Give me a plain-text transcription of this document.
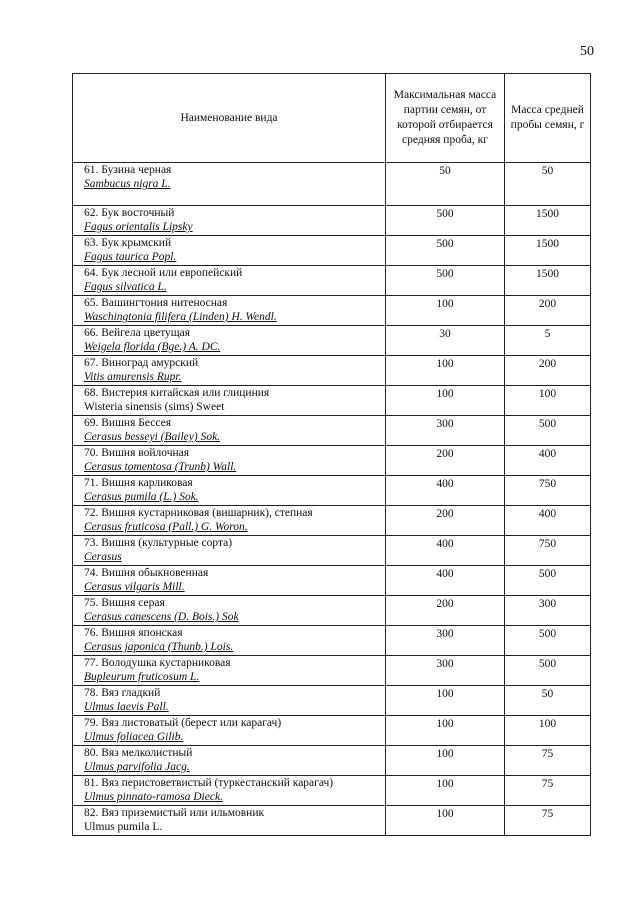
50
Наименование вида	Максимальная масса партии семян, от которой отбирается средняя проба, кг	Масса средней пробы семян, г

61. Бузина черная
Sambucus nigra L.	50	50

62. Бук восточный
Fagus orientalis Lipsky	500	1500

63. Бук крымский
Fagus taurica Popl.	500	1500

64. Бук лесной или европейский
Fagus silvatica L.	500	1500

65. Вашингтония нитеносная
Waschingtonia filifera (Linden) H. Wendl.	100	200

66. Вейгела цветущая
Weigela florida (Bge.) A. DC.	30	5

67. Виноград амурский
Vitis amurensis Rupr.	100	200

68. Вистерия китайская или глициния
Wisteria sinensis (sims) Sweet	100	100

69. Вишня Бессея
Cerasus besseyi (Bailey) Sok.	300	500

70. Вишня войлочная
Cerasus tomentosa (Trunb) Wall.	200	400

71. Вишня карликовая
Cerasus pumila (L.) Sok.	400	750

72. Вишня кустарниковая (вишарник), степная
Cerasus fruticosa (Pall.) G. Woron.	200	400

73. Вишня (культурные сорта)
Cerasus	400	750

74. Вишня обыкновенная
Cerasus vilgaris Mill.	400	500

75. Вишня серая
Cerasus canescens (D. Bois.) Sok	200	300

76. Вишня японская
Cerasus japonica (Thunb.) Lois.	300	500

77. Володушка кустарниковая
Bupleurum fruticosum L.	300	500

78. Вяз гладкий
Ulmus laevis Pall.	100	50

79. Вяз листоватый (берест или карагач)
Ulmus foliacea Gilib.	100	100

80. Вяз мелколистный
Ulmus parvifolia Jacg.	100	75

81. Вяз перистоветвистый (туркестанский карагач)
Ulmus pinnato-ramosa Dieck.	100	75

82. Вяз приземистый или ильмовник
Ulmus pumila L.	100	75
